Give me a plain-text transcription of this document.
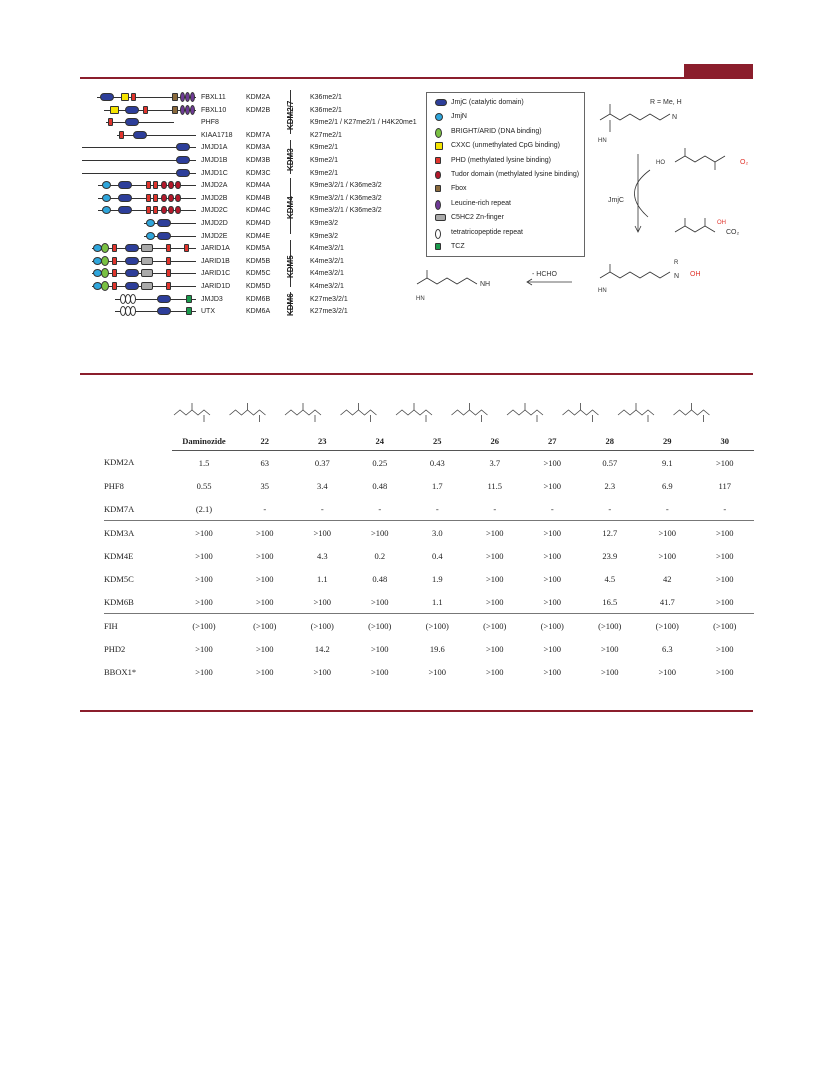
FBXL11	KDM2A	K36me2/1
FBXL10	KDM2B	K36me2/1
PHF8	K9me2/1 / K27me2/1 / H4K20me1
KIAA1718 KDM7A	K27me2/1
JMJD1A	KDM3A	K9me2/1
JMJD1B	KDM3B	K9me2/1
JMJD1C	KDM3C	K9me2/1
JMJD2A	KDM4A	K9me3/2/1 / K36me3/2
JMJD2B	KDM4B	K9me3/2/1 / K36me3/2
JMJD2C	KDM4C	K9me3/2/1 / K36me3/2
JMJD2D	KDM4D	K9me3/2
JMJD2E	KDM4E	K9me3/2
JARID1A KDM5A	K4me3/2/1
JARID1B KDM5B	K4me3/2/1
JARID1C KDM5C	K4me3/2/1
JARID1D KDM5D	K4me3/2/1
JMJD3	KDM6B	K27me3/2/1
UTX	KDM6A	K27me3/2/1
KDM2/7
KDM3
KDM4
KDM5
KDM6
JmjC (catalytic domain)
JmjN
BRIGHT/ARID (DNA binding)
CXXC (unmethylated CpG binding)
PHD (methylated lysine binding)
Tudor domain (methylated lysine binding)
Fbox
Leucine-rich repeat
C5HC2 Zn-finger
tetratricopeptide repeat
TCZ
R = Me, H
JmjC
O₂
CO₂
HO
OH
HN
N
N
R
OH
HN
NH
- HCHO
HN
	Daminozide	22	23	24	25	26	27	28	29	30
KDM2A	1.5	63	0.37	0.25	0.43	3.7	>100	0.57	9.1	>100
PHF8	0.55	35	3.4	0.48	1.7	11.5	>100	2.3	6.9	117
KDM7A	(2.1)	-	-	-	-	-	-	-	-	-
KDM3A	>100	>100	>100	>100	3.0	>100	>100	12.7	>100	>100
KDM4E	>100	>100	4.3	0.2	0.4	>100	>100	23.9	>100	>100
KDM5C	>100	>100	1.1	0.48	1.9	>100	>100	4.5	42	>100
KDM6B	>100	>100	>100	>100	1.1	>100	>100	16.5	41.7	>100
FIH	(>100)	(>100)	(>100)	(>100)	(>100)	(>100)	(>100)	(>100)	(>100)	(>100)
PHD2	>100	>100	14.2	>100	19.6	>100	>100	>100	6.3	>100
BBOX1*	>100	>100	>100	>100	>100	>100	>100	>100	>100	>100
